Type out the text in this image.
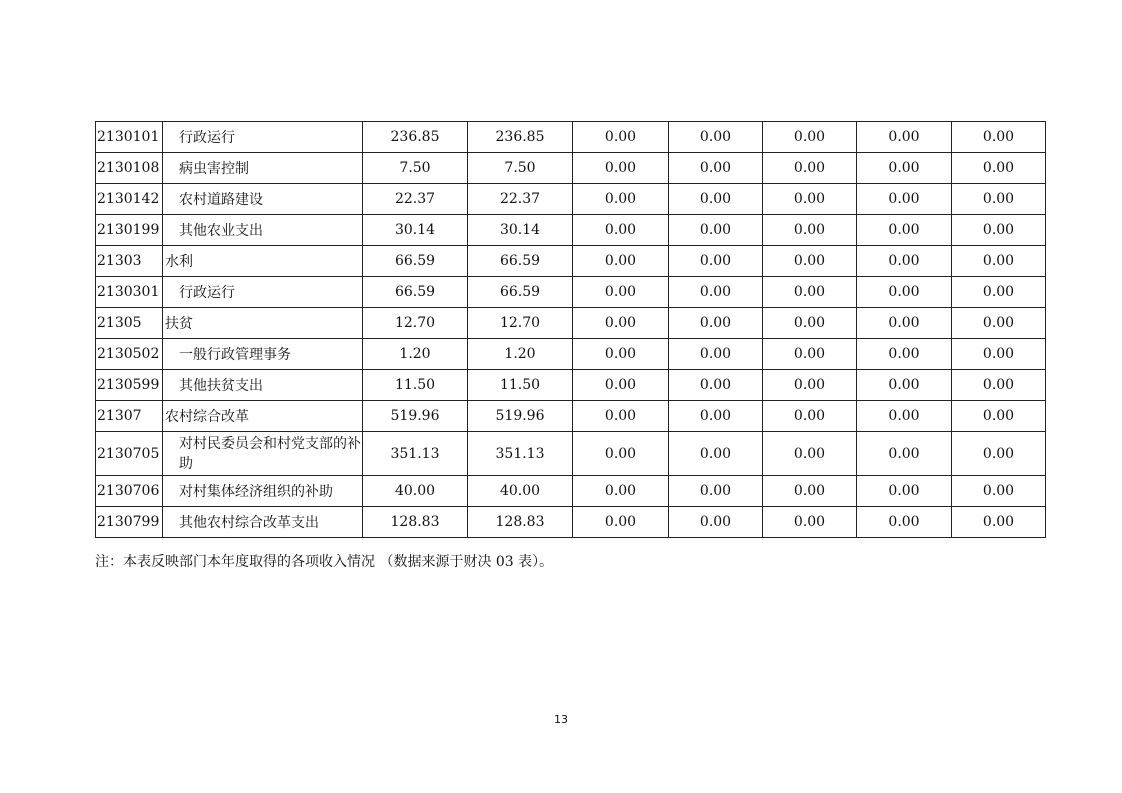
2130101	行政运行	236.85	236.85	0.00	0.00	0.00	0.00	0.00
2130108	病虫害控制	7.50	7.50	0.00	0.00	0.00	0.00	0.00
2130142	农村道路建设	22.37	22.37	0.00	0.00	0.00	0.00	0.00
2130199	其他农业支出	30.14	30.14	0.00	0.00	0.00	0.00	0.00
21303	水利	66.59	66.59	0.00	0.00	0.00	0.00	0.00
2130301	行政运行	66.59	66.59	0.00	0.00	0.00	0.00	0.00
21305	扶贫	12.70	12.70	0.00	0.00	0.00	0.00	0.00
2130502	一般行政管理事务	1.20	1.20	0.00	0.00	0.00	0.00	0.00
2130599	其他扶贫支出	11.50	11.50	0.00	0.00	0.00	0.00	0.00
21307	农村综合改革	519.96	519.96	0.00	0.00	0.00	0.00	0.00
2130705	对村民委员会和村党支部的补助	351.13	351.13	0.00	0.00	0.00	0.00	0.00
2130706	对村集体经济组织的补助	40.00	40.00	0.00	0.00	0.00	0.00	0.00
2130799	其他农村综合改革支出	128.83	128.83	0.00	0.00	0.00	0.00	0.00
注：本表反映部门本年度取得的各项收入情况 （数据来源于财决 03 表）。
13
